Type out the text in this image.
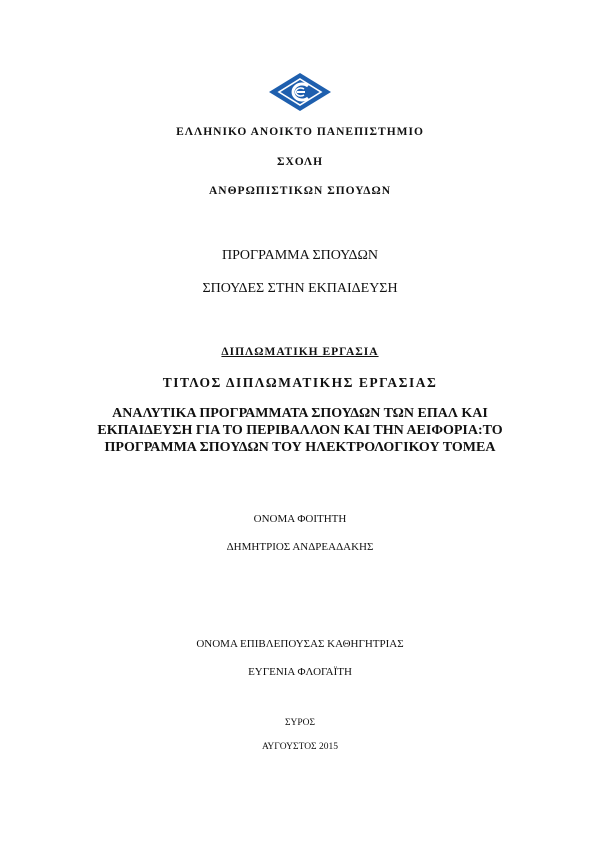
ΕΛΛΗΝΙΚΟ ΑΝΟΙΚΤΟ ΠΑΝΕΠΙΣΤΗΜΙΟ
ΣΧΟΛΗ
ΑΝΘΡΩΠΙΣΤΙΚΩΝ ΣΠΟΥΔΩΝ
ΠΡΟΓΡΑΜΜΑ ΣΠΟΥΔΩΝ
ΣΠΟΥΔΕΣ ΣΤΗΝ ΕΚΠΑΙΔΕΥΣΗ
ΔΙΠΛΩΜΑΤΙΚΗ ΕΡΓΑΣΙΑ
ΤΙΤΛΟΣ ΔΙΠΛΩΜΑΤΙΚΗΣ ΕΡΓΑΣΙΑΣ
ΑΝΑΛΥΤΙΚΑ ΠΡΟΓΡΑΜΜΑΤΑ ΣΠΟΥΔΩΝ ΤΩΝ ΕΠΑΛ ΚΑΙ
ΕΚΠΑΙΔΕΥΣΗ ΓΙΑ ΤΟ ΠΕΡΙΒΑΛΛΟΝ ΚΑΙ ΤΗΝ ΑΕΙΦΟΡΙΑ:ΤΟ
ΠΡΟΓΡΑΜΜΑ ΣΠΟΥΔΩΝ ΤΟΥ ΗΛΕΚΤΡΟΛΟΓΙΚΟΥ ΤΟΜΕΑ
ΟΝΟΜΑ ΦΟΙΤΗΤΗ
ΔΗΜΗΤΡΙΟΣ ΑΝΔΡΕΑΔΑΚΗΣ
ΟΝΟΜΑ ΕΠΙΒΛΕΠΟΥΣΑΣ ΚΑΘΗΓΗΤΡΙΑΣ
ΕΥΓΕΝΙΑ ΦΛΟΓΑΪΤΗ
ΣΥΡΟΣ
ΑΥΓΟΥΣΤΟΣ 2015
